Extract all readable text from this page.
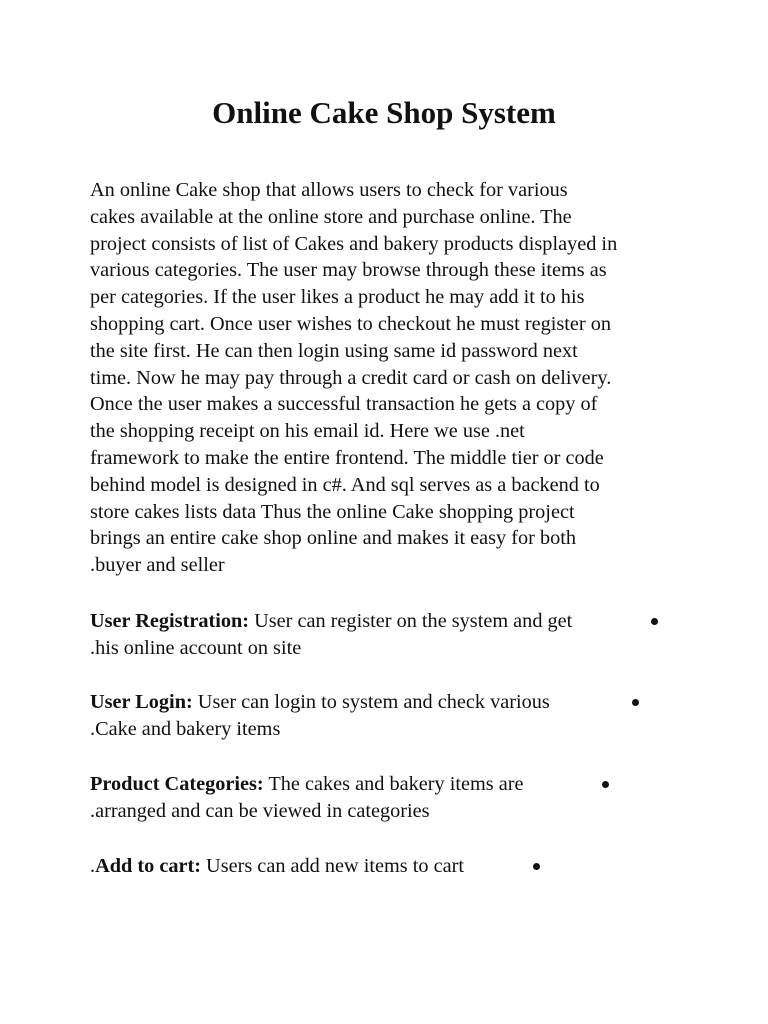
Online Cake Shop System

An online Cake shop that allows users to check for various
cakes available at the online store and purchase online. The
project consists of list of Cakes and bakery products displayed in
various categories. The user may browse through these items as
per categories. If the user likes a product he may add it to his
shopping cart. Once user wishes to checkout he must register on
the site first. He can then login using same id password next
time. Now he may pay through a credit card or cash on delivery.
Once the user makes a successful transaction he gets a copy of
the shopping receipt on his email id. Here we use .net
framework to make the entire frontend. The middle tier or code
behind model is designed in c#. And sql serves as a backend to
store cakes lists data Thus the online Cake shopping project
brings an entire cake shop online and makes it easy for both
.buyer and seller

User Registration: User can register on the system and get
.his online account on site
User Login: User can login to system and check various
.Cake and bakery items
Product Categories: The cakes and bakery items are
.arranged and can be viewed in categories
.Add to cart: Users can add new items to cart
